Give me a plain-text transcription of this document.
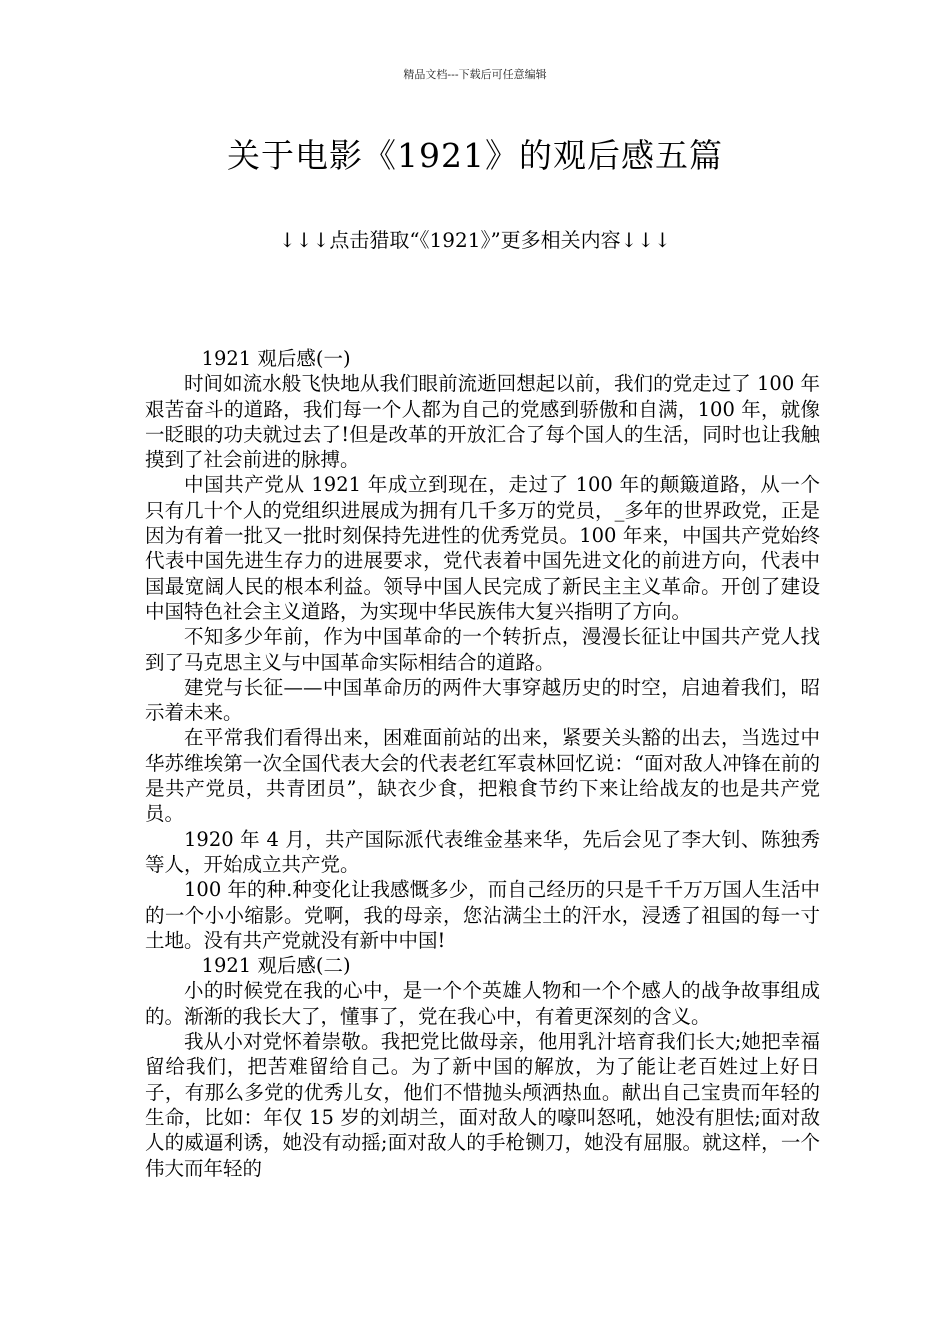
精品文档---下载后可任意编辑
关于电影《1921》的观后感五篇
↓↓↓点击猎取“《1921》”更多相关内容↓↓↓

1921 观后感(一)

时间如流水般飞快地从我们眼前流逝回想起以前，我们的党走过了 100 年艰苦奋斗的道路，我们每一个人都为自己的党感到骄傲和自满，100 年，就像一眨眼的功夫就过去了!但是改革的开放汇合了每个国人的生活，同时也让我触摸到了社会前进的脉搏。

中国共产党从 1921 年成立到现在，走过了 100 年的颠簸道路，从一个只有几十个人的党组织进展成为拥有几千多万的党员，_多年的世界政党，正是因为有着一批又一批时刻保持先进性的优秀党员。100 年来，中国共产党始终代表中国先进生存力的进展要求，党代表着中国先进文化的前进方向，代表中国最宽阔人民的根本利益。领导中国人民完成了新民主主义革命。开创了建设中国特色社会主义道路，为实现中华民族伟大复兴指明了方向。

不知多少年前，作为中国革命的一个转折点，漫漫长征让中国共产党人找到了马克思主义与中国革命实际相结合的道路。

建党与长征——中国革命历的两件大事穿越历史的时空，启迪着我们，昭示着未来。

在平常我们看得出来，困难面前站的出来，紧要关头豁的出去，当选过中华苏维埃第一次全国代表大会的代表老红军袁林回忆说：“面对敌人冲锋在前的是共产党员，共青团员”，缺衣少食，把粮食节约下来让给战友的也是共产党员。

1920 年 4 月，共产国际派代表维金基来华，先后会见了李大钊、陈独秀等人，开始成立共产党。

100 年的种.种变化让我感慨多少，而自己经历的只是千千万万国人生活中的一个小小缩影。党啊，我的母亲，您沾满尘土的汗水，浸透了祖国的每一寸土地。没有共产党就没有新中中国!

1921 观后感(二)

小的时候党在我的心中，是一个个英雄人物和一个个感人的战争故事组成的。渐渐的我长大了，懂事了，党在我心中，有着更深刻的含义。

我从小对党怀着崇敬。我把党比做母亲，他用乳汁培育我们长大;她把幸福留给我们，把苦难留给自己。为了新中国的解放，为了能让老百姓过上好日子，有那么多党的优秀儿女，他们不惜抛头颅洒热血。献出自己宝贵而年轻的生命，比如：年仅 15 岁的刘胡兰，面对敌人的嚎叫怒吼，她没有胆怯;面对敌人的威逼利诱，她没有动摇;面对敌人的手枪铡刀，她没有屈服。就这样，一个伟大而年轻的
